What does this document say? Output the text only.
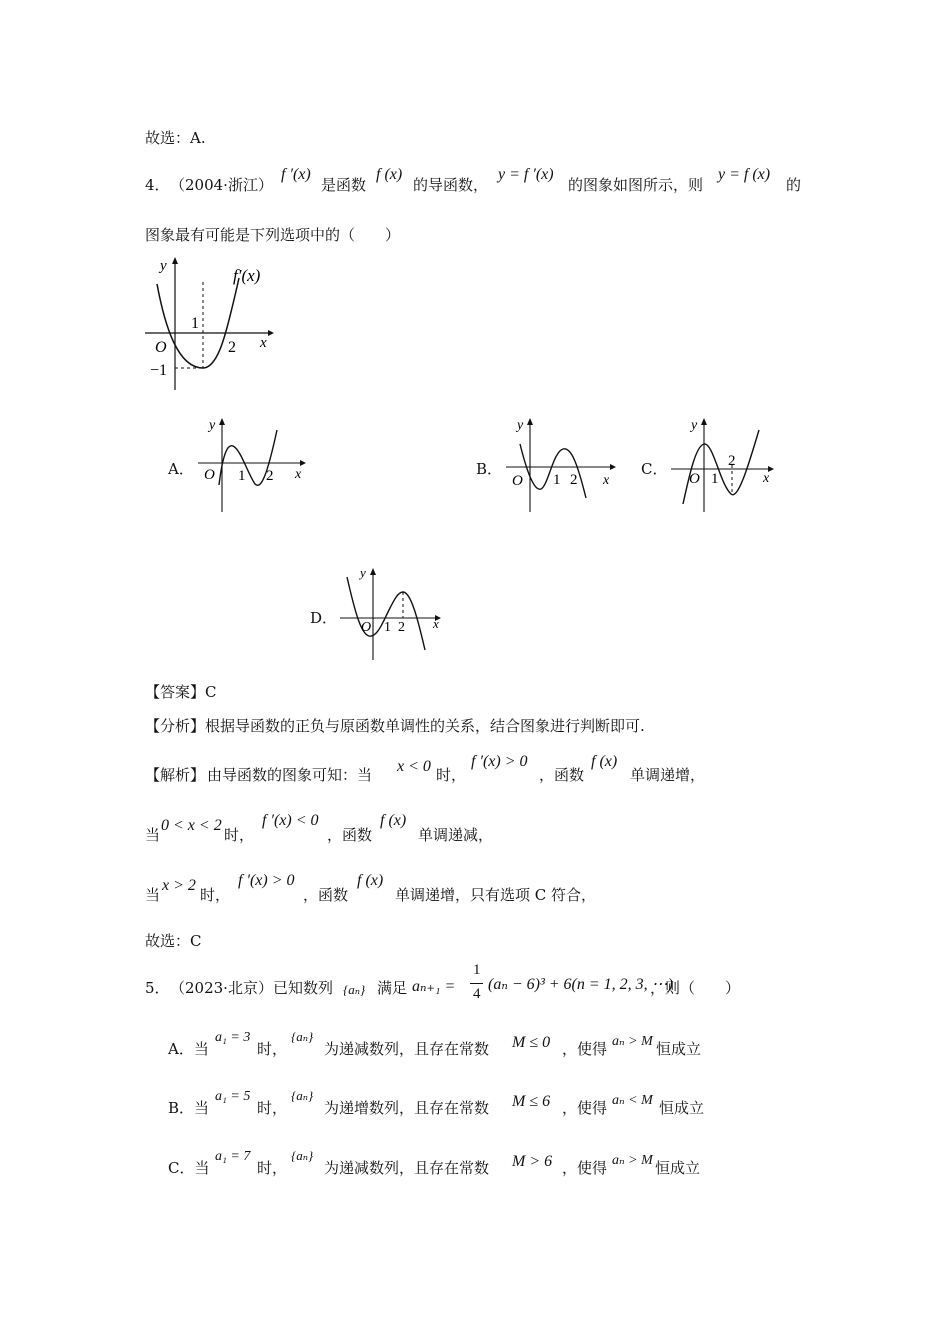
故选：A.
4． （2004·浙江）
f ′(x)
是函数
f (x)
的导函数，
y = f ′(x)
的图象如图所示，则
y = f (x)
的
图象最有可能是下列选项中的（　　）
y
x
f′(x)
O
1
2
−1
A．
y
x
O 1 2	B．
y
x
O 1 2
C．
y
x
O 1
2
D．
y
x
O 1 2
【答案】C
【分析】根据导函数的正负与原函数单调性的关系，结合图象进行判断即可.
【解析】 由导函数的图象可知：当 x < 0 时，
f ′(x) > 0
，函数
f (x)
单调递增，
当
0 < x < 2
时，
f ′(x) < 0
，函数
f (x)
单调递减，
当
x > 2
时，
f ′(x) > 0
，函数
f (x)
单调递增，只有选项 C 符合，
故选：C
5． （2023·北京）已知数列 {aₙ} 满足 aₙ₊₁ =
1
4
(aₙ − 6)³ + 6(n = 1, 2, 3, ⋯)
，则（　　）
A．当
a₁ = 3
时，
{aₙ}
为递减数列，且存在常数 M ≤ 0 ，使得 aₙ > M 恒成立
B．当
a₁ = 5
时，
{aₙ}
为递增数列，且存在常数 M ≤ 6 ，使得 aₙ < M 恒成立
C．当
a₁ = 7
时，
{aₙ}
为递减数列，且存在常数 M > 6 ，使得 aₙ > M 恒成立
